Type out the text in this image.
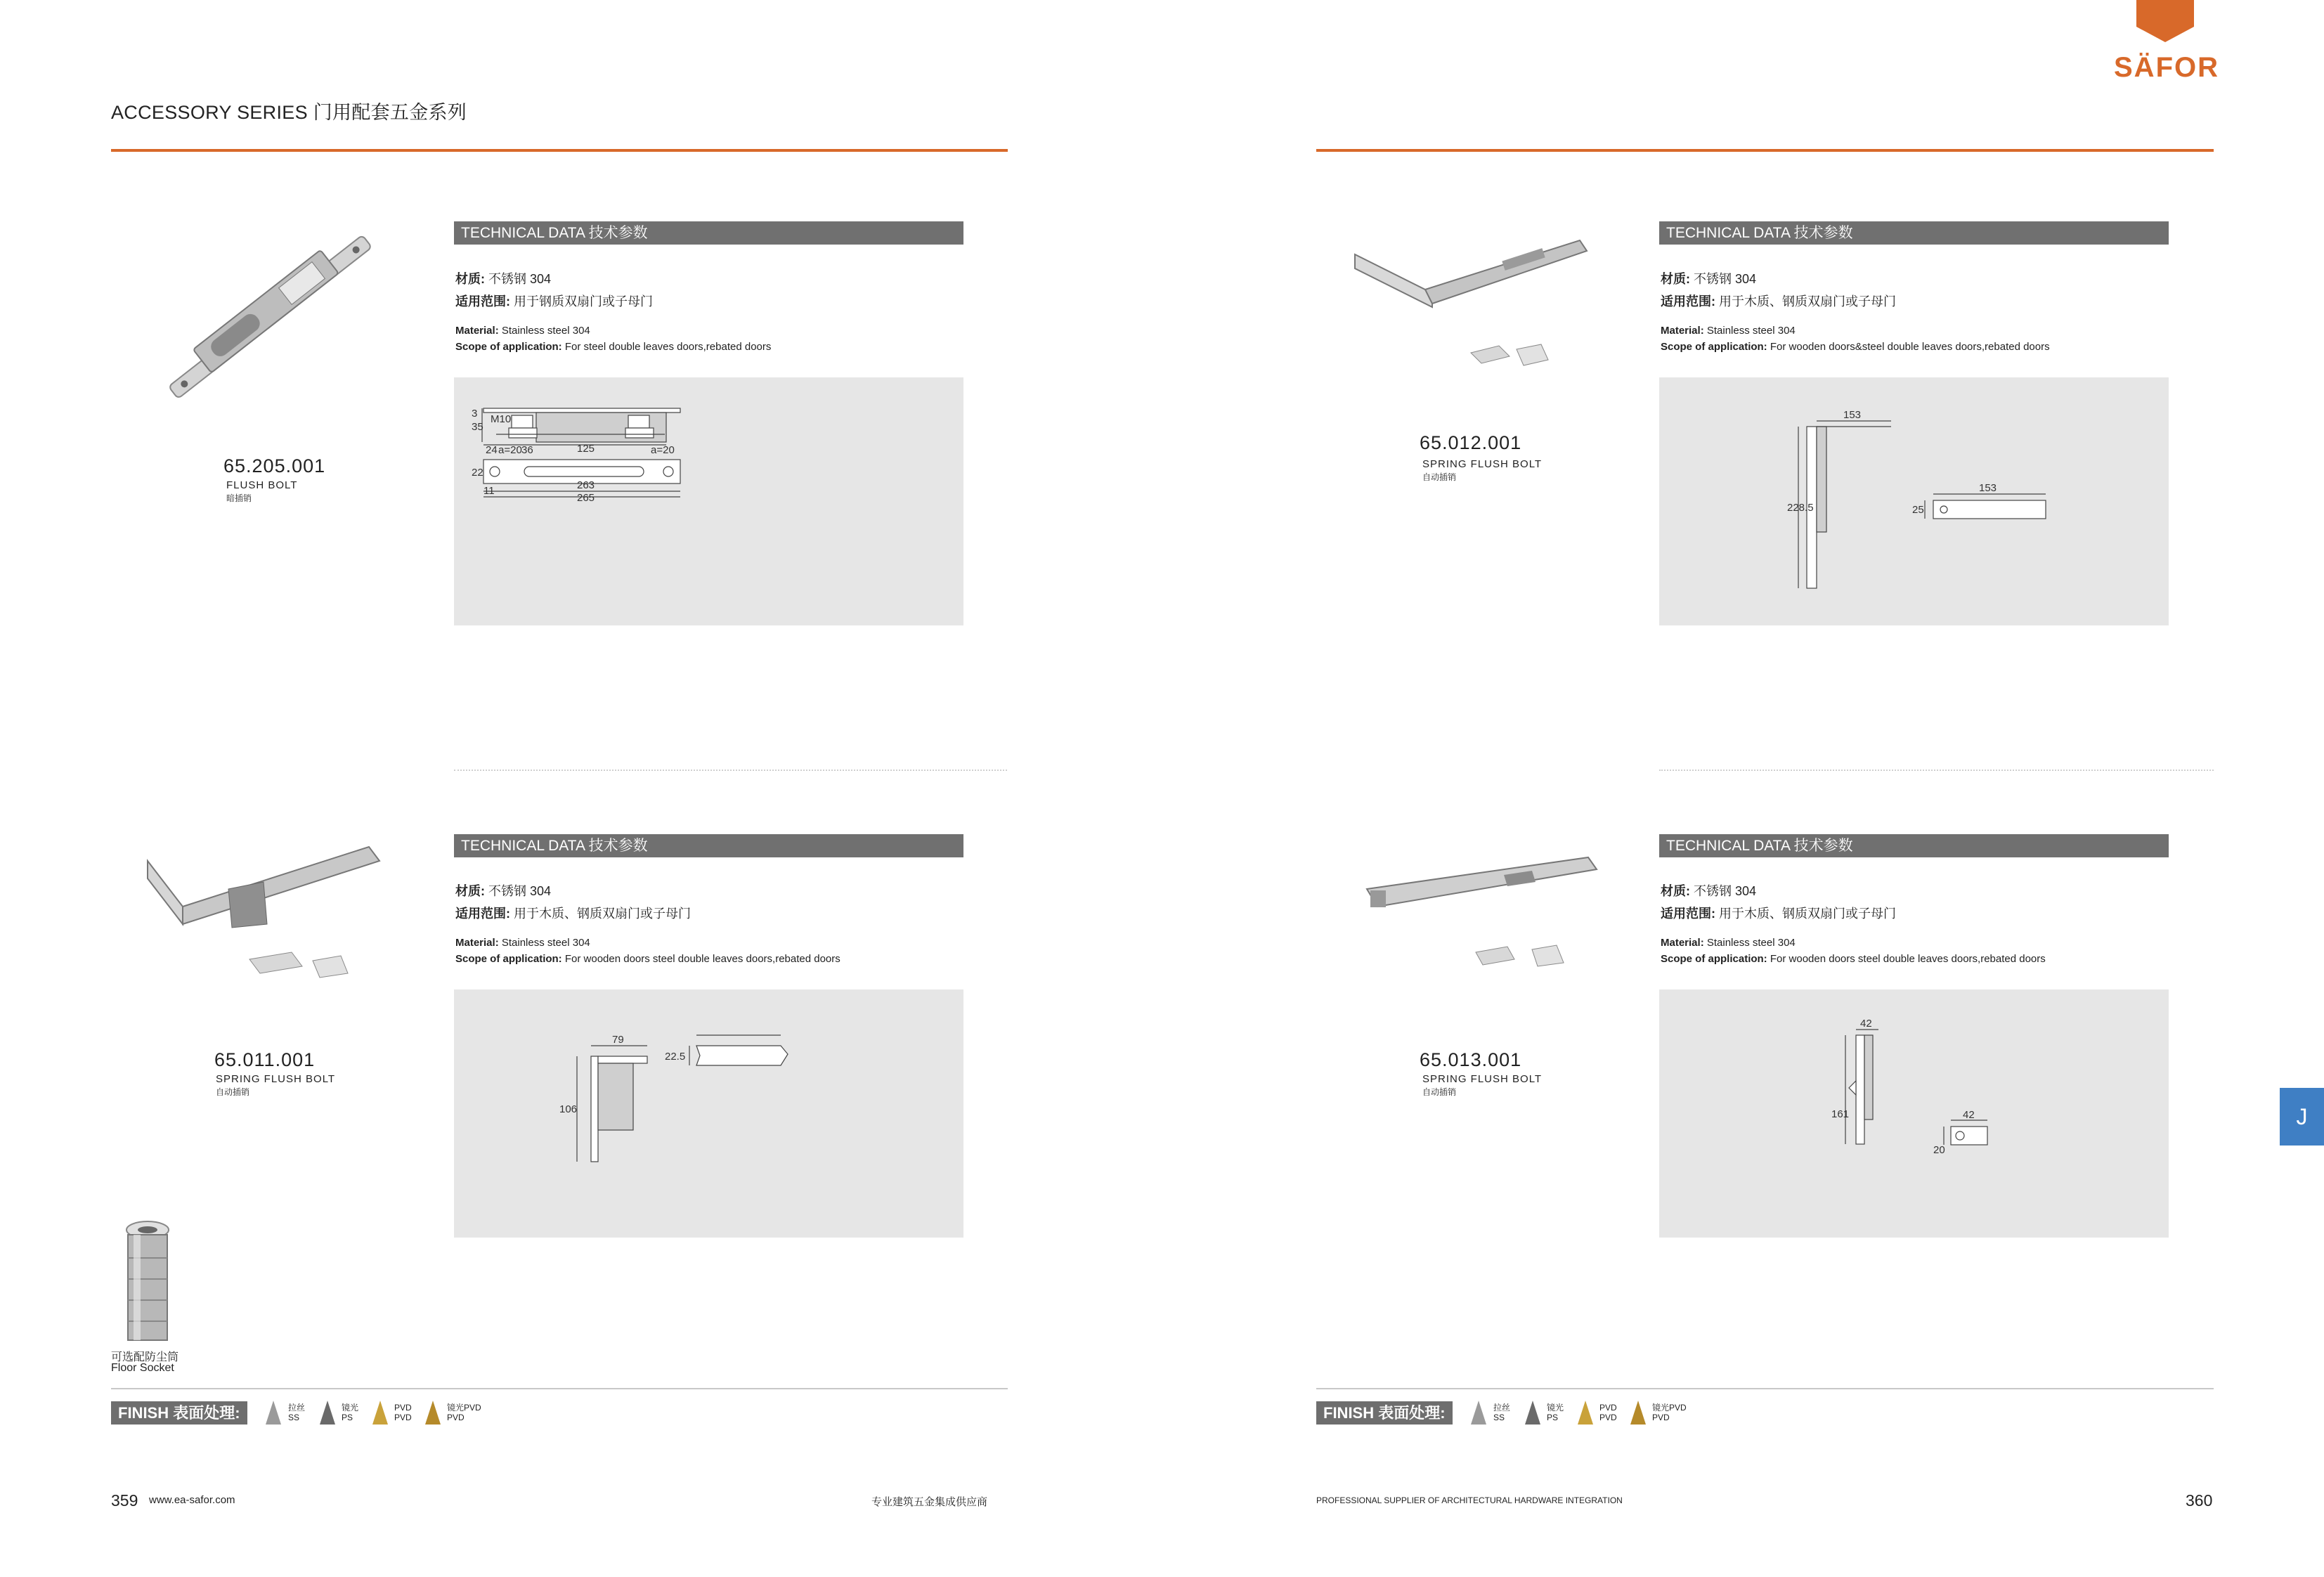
ACCESSORY SERIES 门用配套五金系列
SÄFOR
65.205.001
FLUSH BOLT
暗插销
TECHNICAL DATA 技术参数
材质: 不锈钢 304
适用范围: 用于钢质双扇门或子母门
Material: Stainless steel 304
Scope of application: For steel double leaves doors,rebated doors
3
35
M10
24 a=20 36	125	a=20
22
11	263
265
65.012.001
SPRING FLUSH BOLT
自动插销
TECHNICAL DATA 技术参数
材质: 不锈钢 304
适用范围: 用于木质、钢质双扇门或子母门
Material: Stainless steel 304
Scope of application: For wooden doors&steel double leaves doors,rebated doors
153
228.5
153
25
65.011.001
SPRING FLUSH BOLT
自动插销
TECHNICAL DATA 技术参数
材质: 不锈钢 304
适用范围: 用于木质、钢质双扇门或子母门
Material: Stainless steel 304
Scope of application: For wooden doors steel double leaves doors,rebated doors
79
106
22.5	65.013.001
SPRING FLUSH BOLT
自动插销
TECHNICAL DATA 技术参数
材质: 不锈钢 304
适用范围: 用于木质、钢质双扇门或子母门
Material: Stainless steel 304
Scope of application: For wooden doors steel double leaves doors,rebated doors
42
161	42
20
可选配防尘筒
Floor Socket
FINISH 表面处理:	拉丝
SS
镜光
PS
PVD
PVD
镜光PVD
PVD	FINISH 表面处理:	拉丝
SS
镜光
PS
PVD
PVD
镜光PVD
PVD
J
359 www.ea-safor.com	专业建筑五金集成供应商	PROFESSIONAL SUPPLIER OF ARCHITECTURAL HARDWARE INTEGRATION	360
